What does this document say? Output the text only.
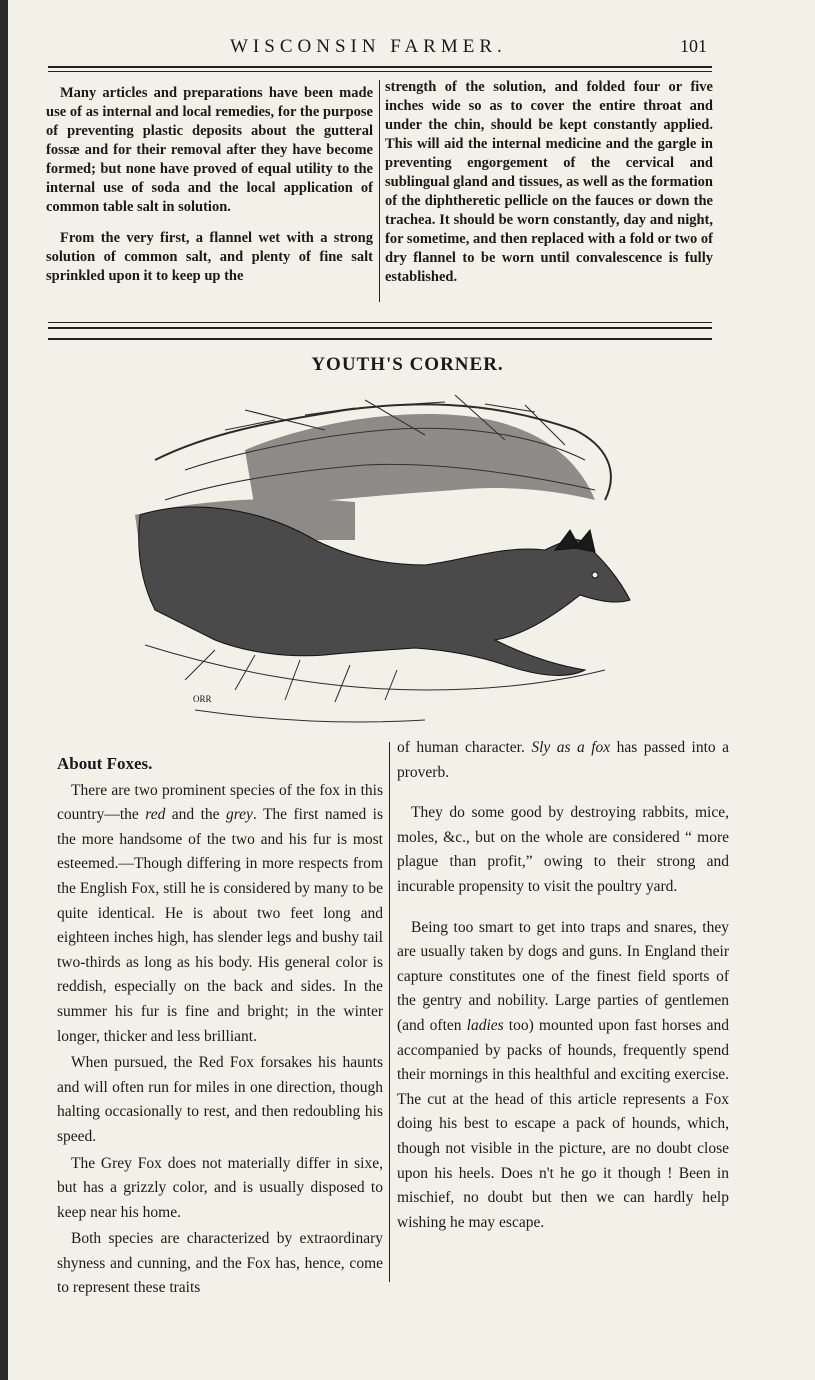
WISCONSIN FARMER.	101

Many articles and preparations have been made use of as internal and local remedies, for the purpose of preventing plastic deposits about the gutteral fossæ and for their removal after they have become formed; but none have proved of equal utility to the internal use of soda and the local application of common table salt in solution.

From the very first, a flannel wet with a strong solution of common salt, and plenty of fine salt sprinkled upon it to keep up the

strength of the solution, and folded four or five inches wide so as to cover the entire throat and under the chin, should be kept constantly applied. This will aid the internal medicine and the gargle in preventing engorgement of the cervical and sublingual gland and tissues, as well as the formation of the diphtheretic pellicle on the fauces or down the trachea. It should be worn constantly, day and night, for sometime, and then replaced with a fold or two of dry flannel to be worn until convalescence is fully established.

YOUTH'S CORNER.
ORR

About Foxes.

There are two prominent species of the fox in this country—the red and the grey. The first named is the more handsome of the two and his fur is most esteemed.—Though differing in more respects from the English Fox, still he is considered by many to be quite identical. He is about two feet long and eighteen inches high, has slender legs and bushy tail two-thirds as long as his body. His general color is reddish, especially on the back and sides. In the summer his fur is fine and bright; in the winter longer, thicker and less brilliant.

When pursued, the Red Fox forsakes his haunts and will often run for miles in one direction, though halting occasionally to rest, and then redoubling his speed.

The Grey Fox does not materially differ in sixe, but has a grizzly color, and is usually disposed to keep near his home.

Both species are characterized by extraordinary shyness and cunning, and the Fox has, hence, come to represent these traits

of human character. Sly as a fox has passed into a proverb.

They do some good by destroying rabbits, mice, moles, &c., but on the whole are considered “ more plague than profit,” owing to their strong and incurable propensity to visit the poultry yard.

Being too smart to get into traps and snares, they are usually taken by dogs and guns. In England their capture constitutes one of the finest field sports of the gentry and nobility. Large parties of gentlemen (and often ladies too) mounted upon fast horses and accompanied by packs of hounds, frequently spend their mornings in this healthful and exciting exercise. The cut at the head of this article represents a Fox doing his best to escape a pack of hounds, which, though not visible in the picture, are no doubt close upon his heels. Does n't he go it though ! Been in mischief, no doubt but then we can hardly help wishing he may escape.
